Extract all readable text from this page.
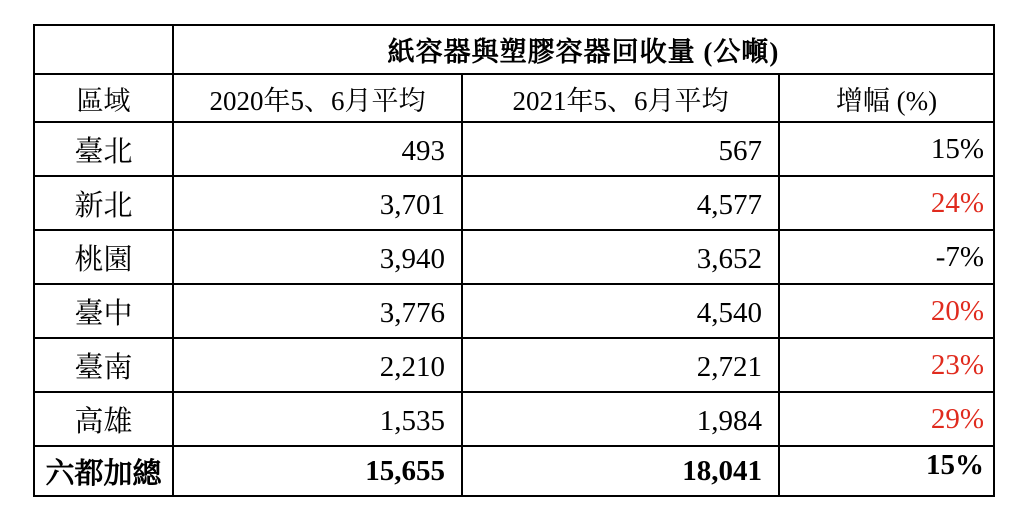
	紙容器與塑膠容器回收量 (公噸)		
區域	2020年5、6月平均	2021年5、6月平均	增幅 (%)
臺北	493	567	15%
新北	3,701	4,577	24%
桃園	3,940	3,652	-7%
臺中	3,776	4,540	20%
臺南	2,210	2,721	23%
高雄	1,535	1,984	29%
六都加總	15,655	18,041	15%
